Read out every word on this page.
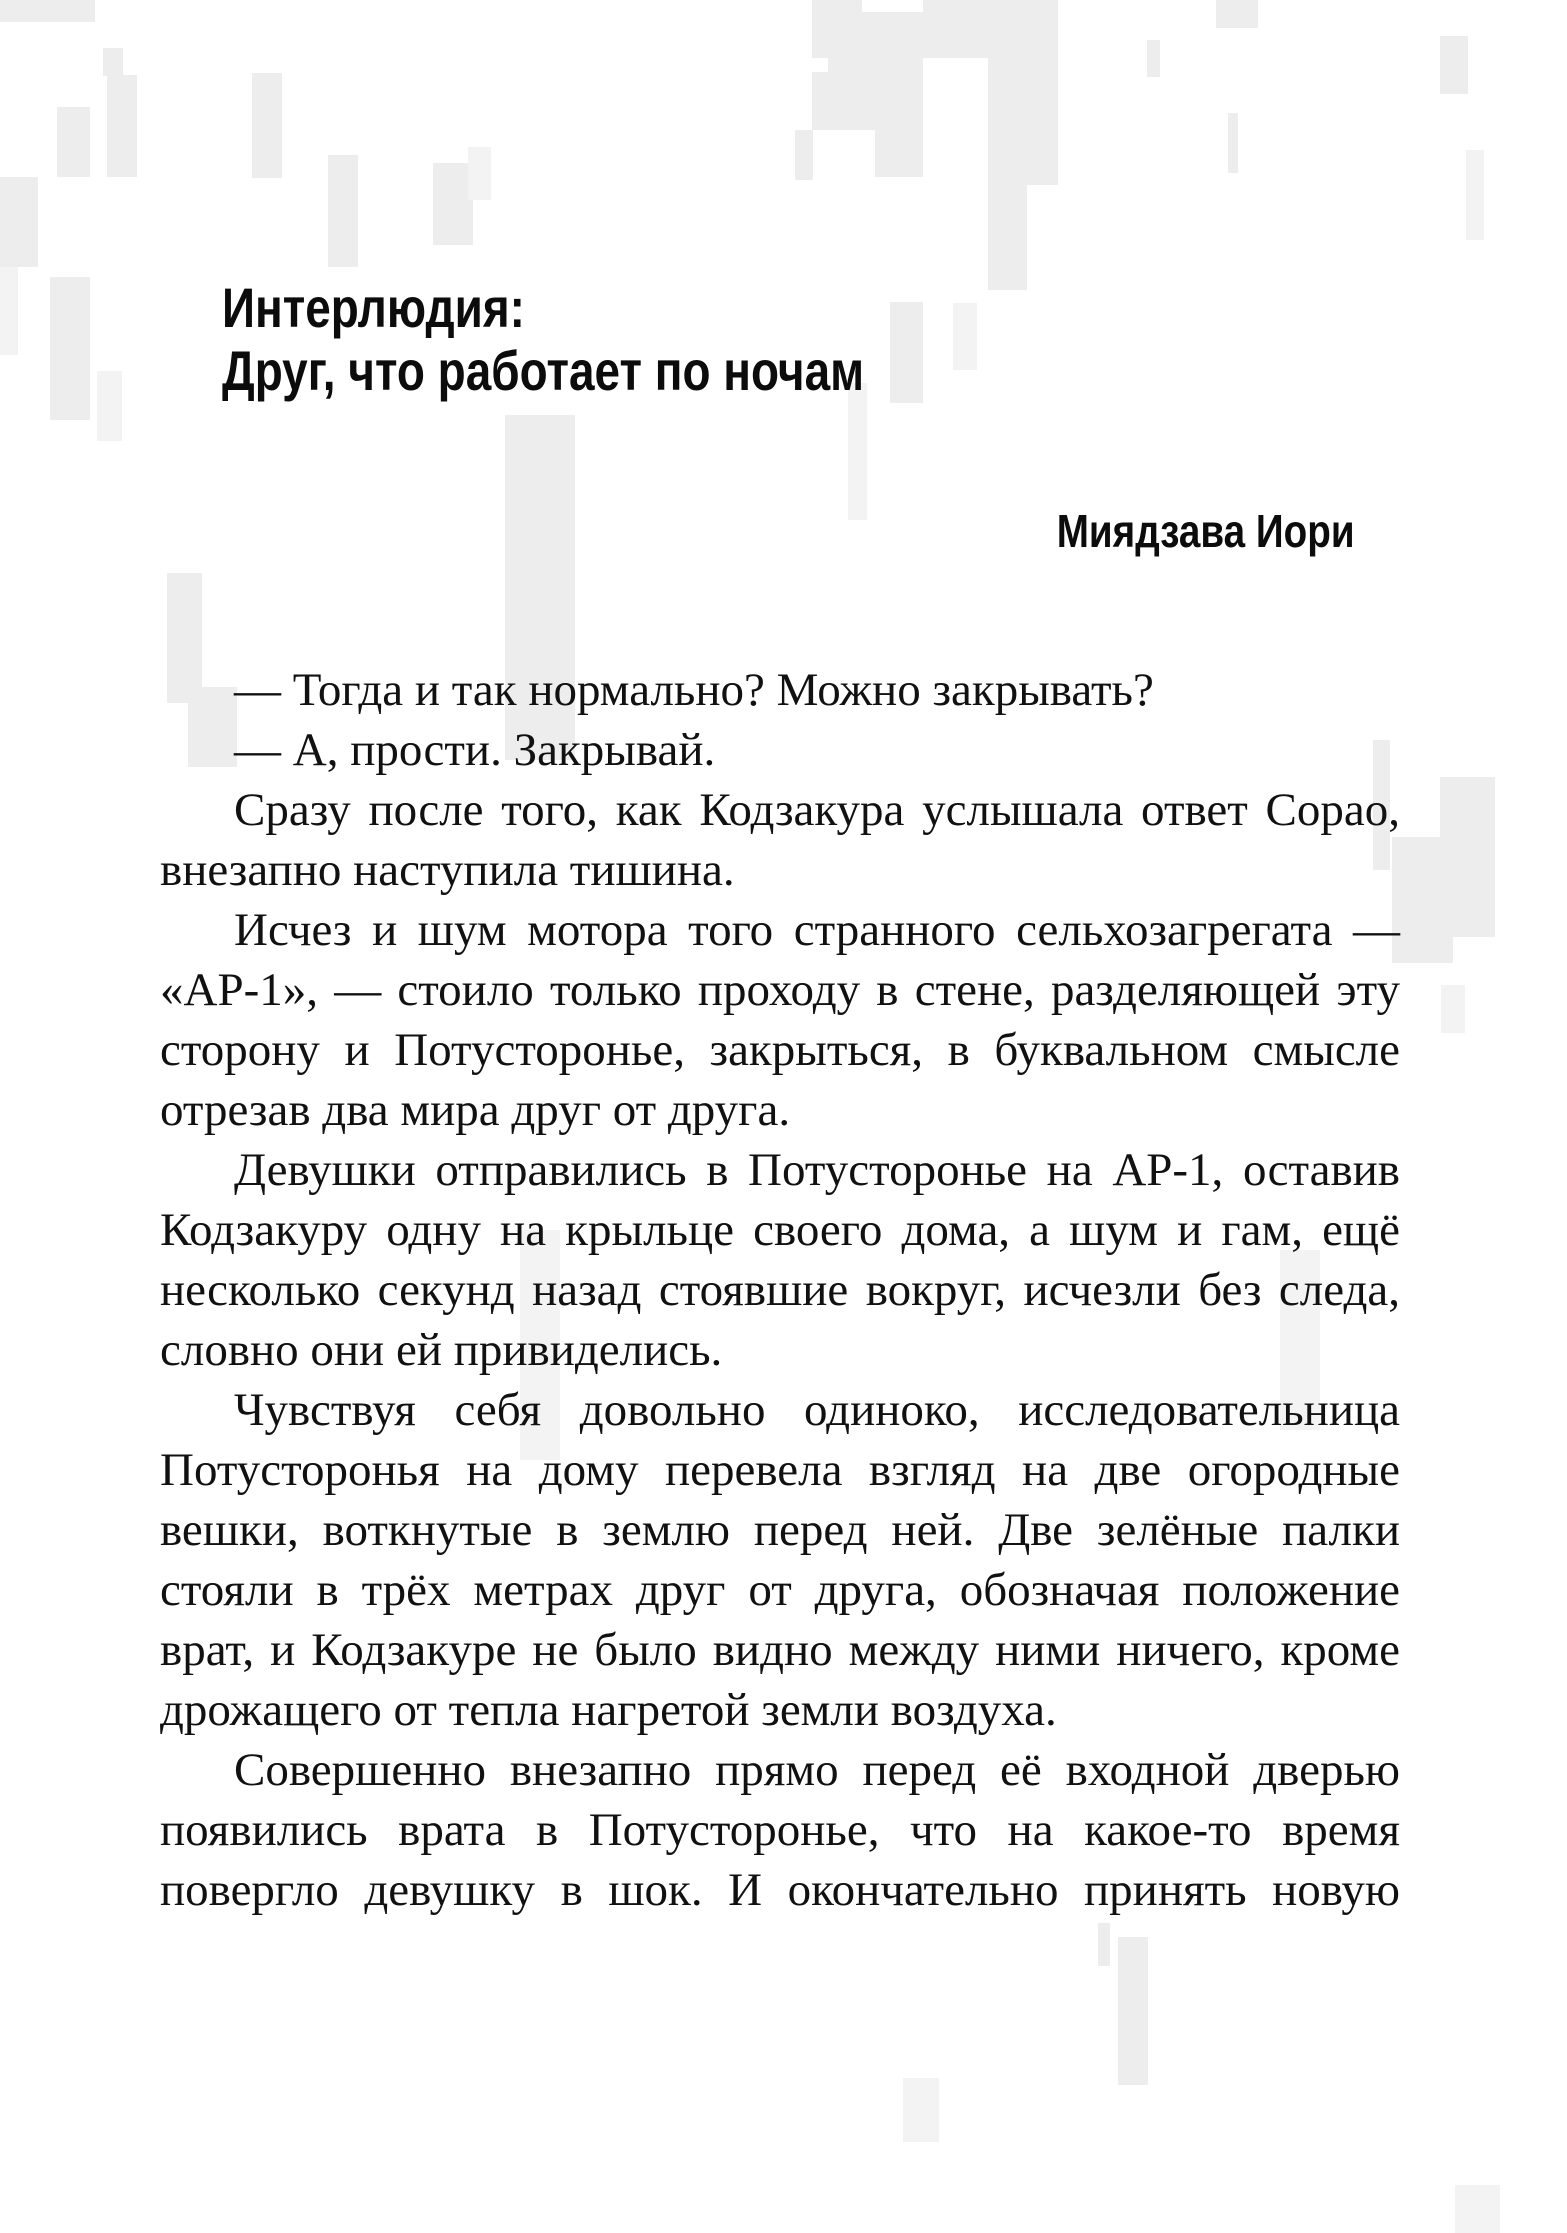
Интерлюдия:
Друг, что работает по ночам
Миядзава Иори

— Тогда и так нормально? Можно закрывать?

— А, прости. Закрывай.

Сразу после того, как Кодзакура услышала ответ Сорао, внезапно наступила тишина.

Исчез и шум мотора того странного сельхозагрегата — «АР‑1», — стоило только проходу в стене, разделяющей эту сторону и Потусторонье, закрыться, в буквальном смысле отрезав два мира друг от друга.

Девушки отправились в Потусторонье на АР‑1, оставив Кодзакуру одну на крыльце своего дома, а шум и гам, ещё несколько секунд назад стоявшие вокруг, исчезли без следа, словно они ей привиделись.

Чувствуя себя довольно одиноко, исследовательница Потусторонья на дому перевела взгляд на две огородные вешки, воткнутые в землю перед ней. Две зелёные палки стояли в трёх метрах друг от друга, обозначая положение врат, и Кодзакуре не было видно между ними ничего, кроме дрожащего от тепла нагретой земли воздуха.

Совершенно внезапно прямо перед её входной дверью появились врата в Потусторонье, что на какое‑то время повергло девушку в шок. И окончательно принять новую
